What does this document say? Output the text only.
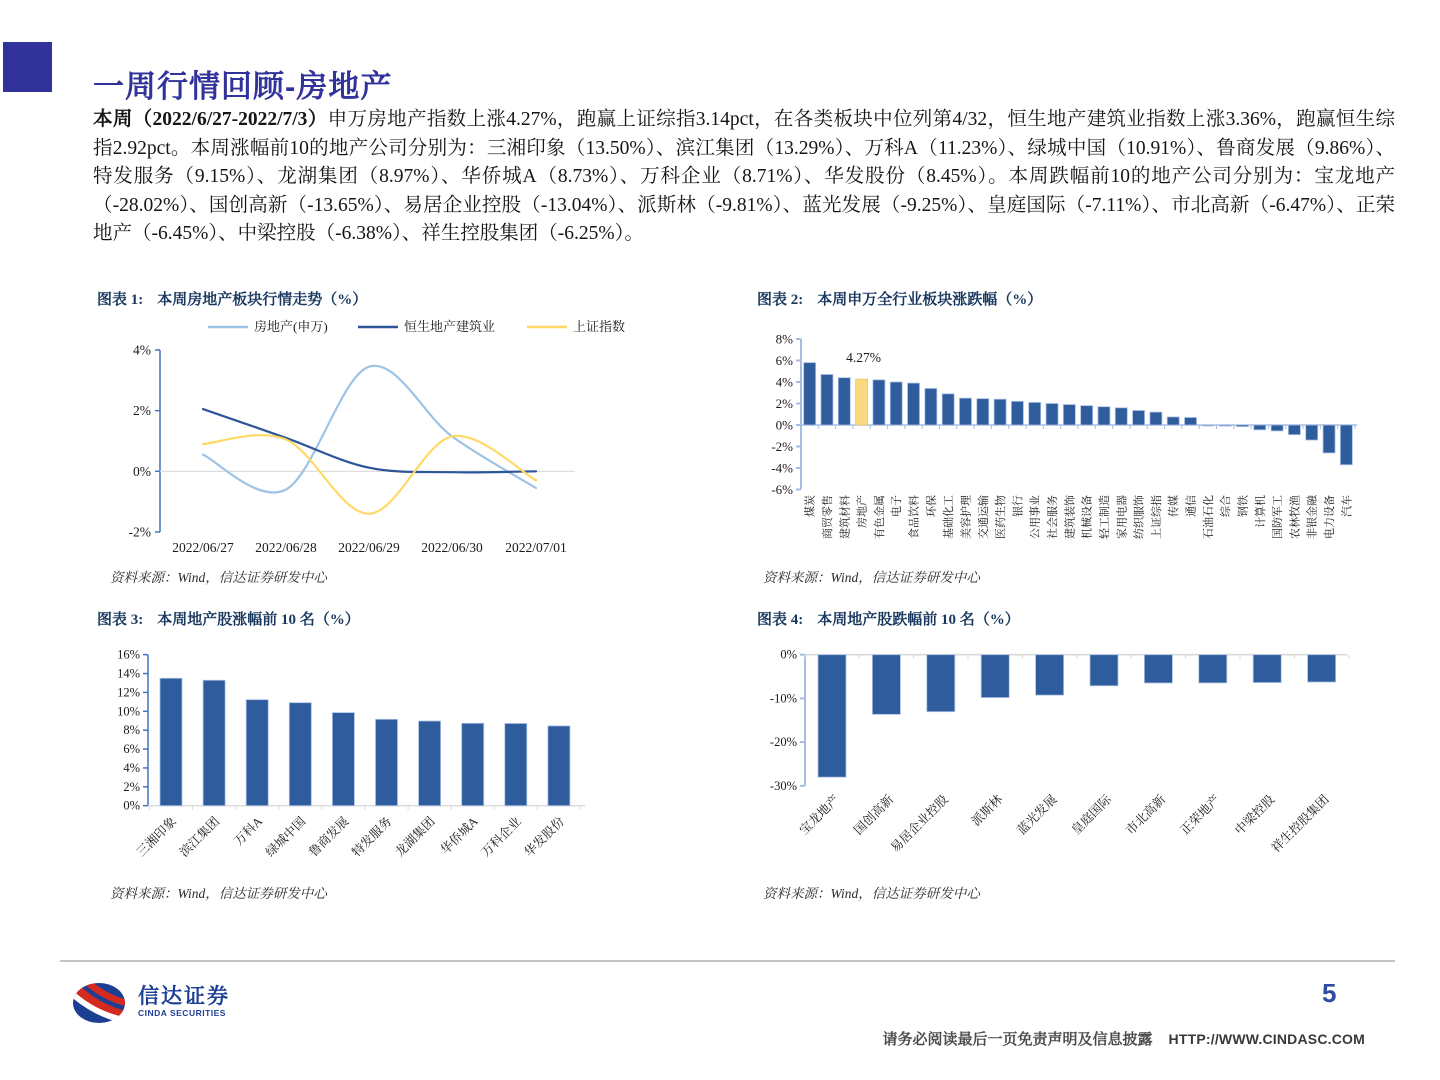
一周行情回顾-房地产
本周（2022/6/27-2022/7/3）申万房地产指数上涨4.27%，跑赢上证综指3.14pct，在各类板块中位列第4/32，恒生地产建筑业指数上涨3.36%，跑赢恒生综指2.92pct。本周涨幅前10的地产公司分别为：三湘印象（13.50%）、滨江集团（13.29%）、万科A（11.23%）、绿城中国（10.91%）、鲁商发展（9.86%）、特发服务（9.15%）、龙湖集团（8.97%）、华侨城A（8.73%）、万科企业（8.71%）、华发股份（8.45%）。本周跌幅前10的地产公司分别为：宝龙地产（-28.02%）、国创高新（-13.65%）、易居企业控股（-13.04%）、派斯林（-9.81%）、蓝光发展（-9.25%）、皇庭国际（-7.11%）、市北高新（-6.47%）、正荣地产（-6.45%）、中梁控股（-6.38%）、祥生控股集团（-6.25%）。
图表 1: 本周房地产板块行情走势（%）
房地产(申万)	恒生地产建筑业	上证指数
4%
2%
0%
-2%
2022/06/27 2022/06/28 2022/06/29 2022/06/30 2022/07/01
资料来源：Wind，信达证券研发中心
图表 2: 本周申万全行业板块涨跌幅（%）
8%
6%
4%
2%
0%
-2%
-4%
-6%
煤炭 商贸零售 建筑材料 房地产 有色金属 电子 食品饮料 环保 基础化工 美容护理 交通运输 医药生物 银行 公用事业 社会服务 建筑装饰 机械设备 轻工制造 家用电器 纺织服饰 上证综指 传媒 通信 石油石化 综合 钢铁 计算机 国防军工 农林牧渔 非银金融 电力设备 汽车
4.27%
资料来源：Wind，信达证券研发中心
图表 3: 本周地产股涨幅前 10 名（%）
16%
14%
12%
10%
8%
6%
4%
2%
0%
三湘印象
滨江集团 万科A
绿城中国
鲁商发展
特发服务
龙湖集团 华侨城A
万科企业
华发股份
资料来源：Wind，信达证券研发中心
图表 4: 本周地产股跌幅前 10 名（%）
0%
-10%
-20%
-30%
宝龙地产 国创高新
易居企业控股 派斯林 蓝光发展 皇庭国际 市北高新 正荣地产 中梁控股
祥生控股集团
资料来源：Wind，信达证券研发中心
信达证券
CINDA SECURITIES
5
请务必阅读最后一页免责声明及信息披露 HTTP://WWW.CINDASC.COM
